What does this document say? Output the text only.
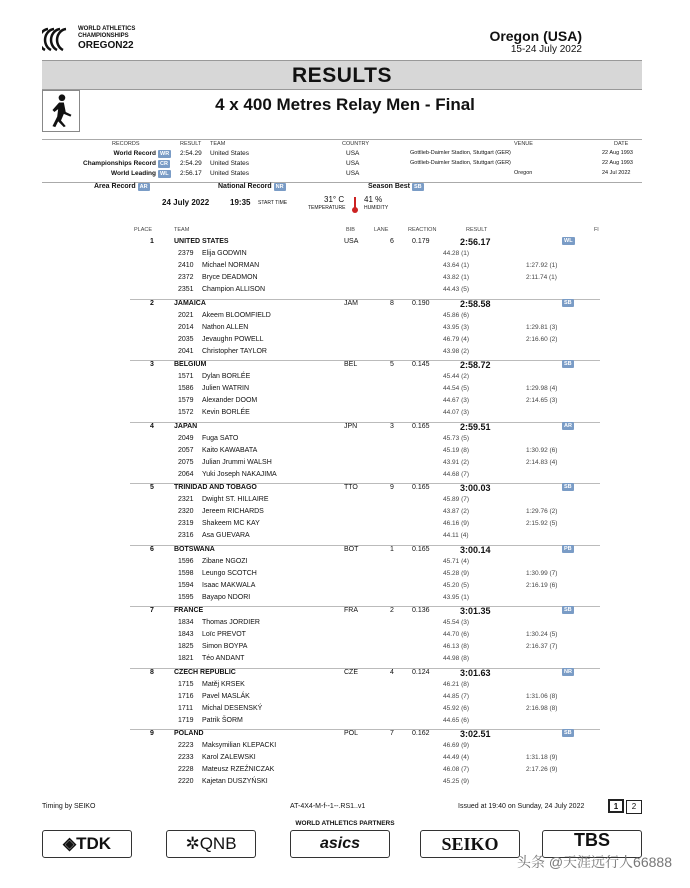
WORLD ATHLETICS
CHAMPIONSHIPS
OREGON22
Oregon (USA)
15-24 July 2022
RESULTS
4 x 400 Metres Relay Men - Final
RECORDS	RESULT TEAM	COUNTRY	VENUE	DATE
World Record WR	2:54.29 United States	USA	Gottlieb-Daimler Stadion, Stuttgart (GER)	22 Aug 1993
Championships Record CR	2:54.29 United States	USA	Gottlieb-Daimler Stadion, Stuttgart (GER)	22 Aug 1993
World Leading WL	2:56.17 United States	USA	Oregon	24 Jul 2022
Area Record AR	National Record NR	Season Best SB
24 July 2022	19:35 START TIME	31° C
TEMPERATURE
41 %
HUMIDITY
PLACE	TEAM	BIB	LANE	REACTION	RESULT	Fl
1	UNITED STATES	USA	6	0.179	2:56.17	WL
2379 Elija GODWIN	44.28 (1)
2410 Michael NORMAN	43.64 (1)	1:27.92 (1)
2372 Bryce DEADMON	43.82 (1)	2:11.74 (1)
2351 Champion ALLISON	44.43 (5)
2	JAMAICA	JAM	8	0.190	2:58.58	SB
2021 Akeem BLOOMFIELD	45.86 (6)
2014 Nathon ALLEN	43.95 (3)	1:29.81 (3)
2035 Jevaughn POWELL	46.79 (4)	2:16.60 (2)
2041 Christopher TAYLOR	43.98 (2)
3	BELGIUM	BEL	5	0.145	2:58.72	SB
1571 Dylan BORLÉE	45.44 (2)
1586 Julien WATRIN	44.54 (5)	1:29.98 (4)
1579 Alexander DOOM	44.67 (3)	2:14.65 (3)
1572 Kevin BORLÉE	44.07 (3)
4	JAPAN	JPN	3	0.165	2:59.51	AR
2049 Fuga SATO	45.73 (5)
2057 Kaito KAWABATA	45.19 (8)	1:30.92 (6)
2075 Julian Jrummi WALSH	43.91 (2)	2:14.83 (4)
2064 Yuki Joseph NAKAJIMA	44.68 (7)
5	TRINIDAD AND TOBAGO	TTO	9	0.165	3:00.03	SB
2321 Dwight ST. HILLAIRE	45.89 (7)
2320 Jereem RICHARDS	43.87 (2)	1:29.76 (2)
2319 Shakeem MC KAY	46.16 (9)	2:15.92 (5)
2316 Asa GUEVARA	44.11 (4)
6	BOTSWANA	BOT	1	0.165	3:00.14	PB
1596 Zibane NGOZI	45.71 (4)
1598 Leungo SCOTCH	45.28 (9)	1:30.99 (7)
1594 Isaac MAKWALA	45.20 (5)	2:16.19 (6)
1595 Bayapo NDORI	43.95 (1)
7	FRANCE	FRA	2	0.136	3:01.35	SB
1834 Thomas JORDIER	45.54 (3)
1843 Loïc PREVOT	44.70 (6)	1:30.24 (5)
1825 Simon BOYPA	46.13 (8)	2:16.37 (7)
1821 Téo ANDANT	44.98 (8)
8	CZECH REPUBLIC	CZE	4	0.124	3:01.63	NR
1715 Matěj KRSEK	46.21 (8)
1716 Pavel MASLÁK	44.85 (7)	1:31.06 (8)
1711 Michal DESENSKÝ	45.92 (6)	2:16.98 (8)
1719 Patrik ŠORM	44.65 (6)
9	POLAND	POL	7	0.162	3:02.51	SB
2223 Maksymilian KLEPACKI	46.69 (9)
2233 Karol ZALEWSKI	44.49 (4)	1:31.18 (9)
2228 Mateusz RZEŹNICZAK	46.08 (7)	2:17.26 (9)
2220 Kajetan DUSZYŃSKI	45.25 (9)
Timing by SEIKO	AT-4X4-M-f--1--.RS1..v1	Issued at 19:40 on Sunday, 24 July 2022	1 2
WORLD ATHLETICS PARTNERS
◈TDK	✲QNB	asics	SEIKO	TBS
头条 @天涯远行人66888
